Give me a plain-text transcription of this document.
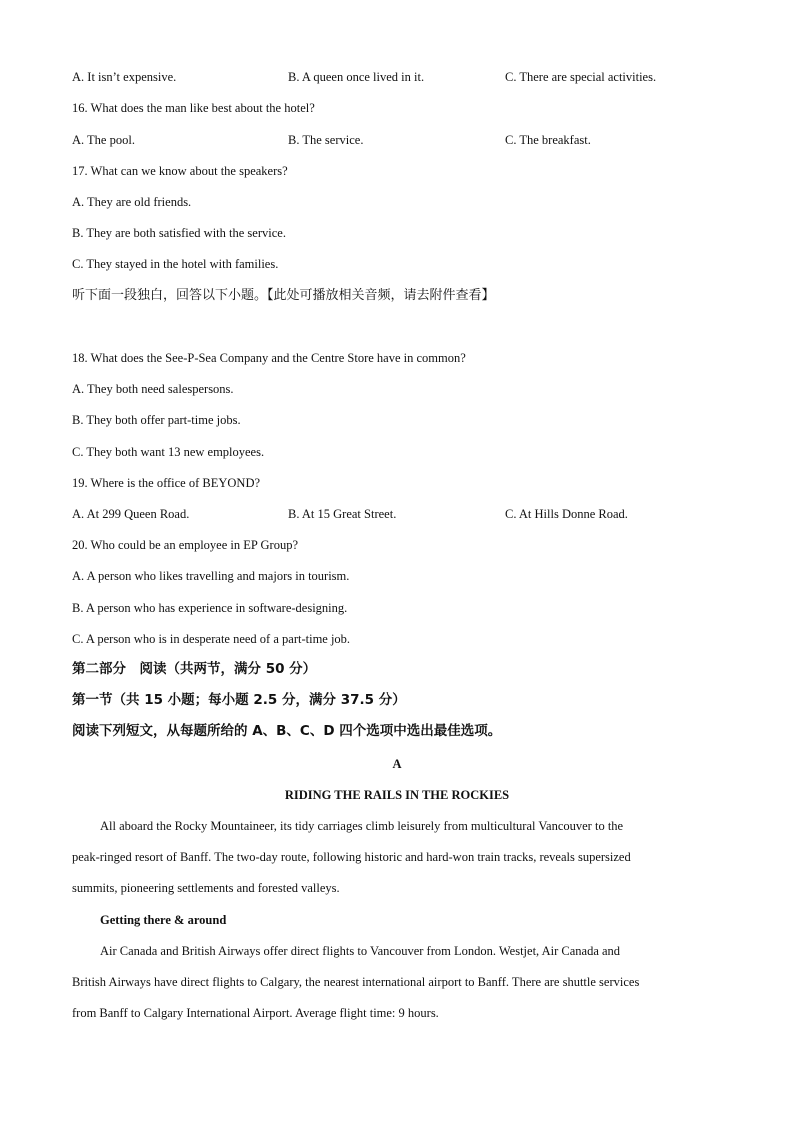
A. It isn’t expensive.	B. A queen once lived in it.	C. There are special activities.
16. What does the man like best about the hotel?
A. The pool.	B. The service.	C. The breakfast.
17. What can we know about the speakers?
A. They are old friends.
B. They are both satisfied with the service.
C. They stayed in the hotel with families.
听下面一段独白，回答以下小题。【此处可播放相关音频，请去附件查看】
18. What does the See-P-Sea Company and the Centre Store have in common?
A. They both need salespersons.
B. They both offer part-time jobs.
C. They both want 13 new employees.
19. Where is the office of BEYOND?
A. At 299 Queen Road.	B. At 15 Great Street.	C. At Hills Donne Road.
20. Who could be an employee in EP Group?
A. A person who likes travelling and majors in tourism.
B. A person who has experience in software-designing.
C. A person who is in desperate need of a part-time job.
第二部分　阅读（共两节，满分 50 分）
第一节（共 15 小题；每小题 2.5 分，满分 37.5 分）
阅读下列短文，从每题所给的 A、B、C、D 四个选项中选出最佳选项。
A
RIDING THE RAILS IN THE ROCKIES
All aboard the Rocky Mountaineer, its tidy carriages climb leisurely from multicultural Vancouver to the
peak-ringed resort of Banff. The two-day route, following historic and hard-won train tracks, reveals supersized
summits, pioneering settlements and forested valleys.
Getting there & around
Air Canada and British Airways offer direct flights to Vancouver from London. Westjet, Air Canada and
British Airways have direct flights to Calgary, the nearest international airport to Banff. There are shuttle services
from Banff to Calgary International Airport. Average flight time: 9 hours.
